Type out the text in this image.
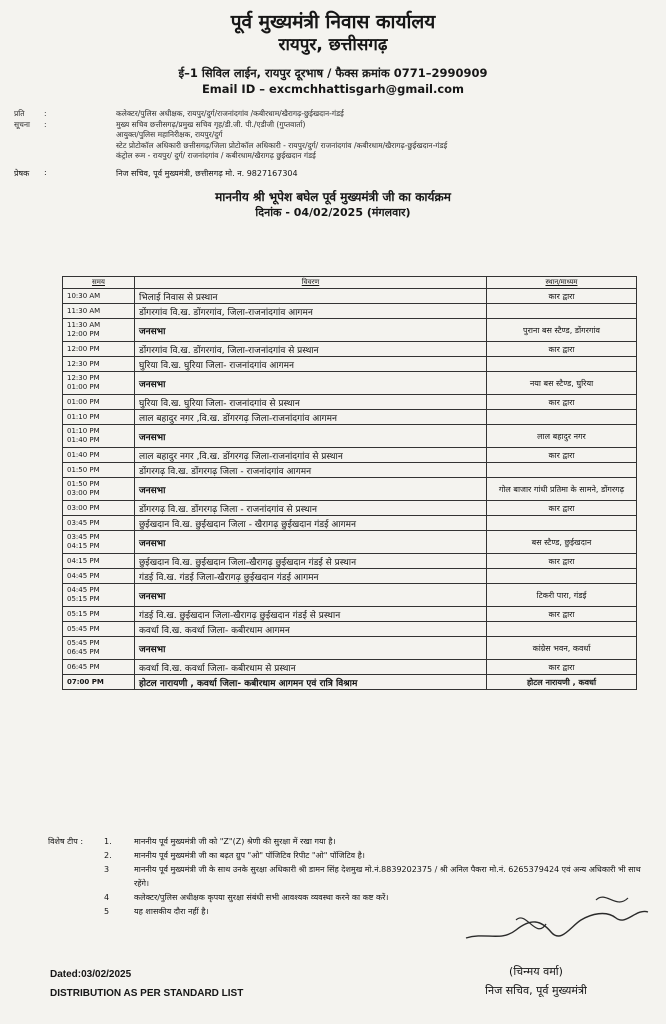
पूर्व मुख्यमंत्री निवास कार्यालय
रायपुर, छत्तीसगढ़
ई–1 सिविल लाईन, रायपुर दूरभाष / फैक्स क्रमांक 0771–2990909
Email ID – excmchhattisgarh@gmail.com
प्रति	:	कलेक्टर/पुलिस अधीक्षक, रायपुर/दुर्ग/राजनांदगांव /कबीरधाम/खैरागढ़-छुईखदान-गंडई
सूचना	:	मुख्य सचिव छत्तीसगढ़/प्रमुख सचिव गृह/डी.जी. पी./एडीजी (गुप्तवार्ता)
आयुक्त/पुलिस महानिरीक्षक, रायपुर/दुर्ग
स्टेट प्रोटोकॉल अधिकारी छत्तीसगढ़/जिला प्रोटोकॉल अधिकारी - रायपुर/दुर्ग/ राजनांदगांव /कबीरधाम/खैरागढ़-छुईखदान-गंडई
कंट्रोल रूम - रायपुर/ दुर्ग/ राजनांदगांव / कबीरधाम/खैरागढ़ छुईखदान गंडई
प्रेषक	:	निज सचिव, पूर्व मुख्यमंत्री, छत्तीसगढ़ मो. न. 9827167304
माननीय श्री भूपेश बघेल पूर्व मुख्यमंत्री जी का कार्यक्रम
दिनांक - 04/02/2025 (मंगलवार)
समय	विवरण	स्थान/माध्यम

10:30 AM	भिलाई निवास से प्रस्थान	कार द्वारा

11:30 AM	डोंगरगांव वि.ख. डोंगरगांव, जिला-राजनांदगांव आगमन	

11:30 AM
12:00 PM	जनसभा	पुराना बस स्टैण्ड, डोंगरगांव

12:00 PM	डोंगरगांव वि.ख. डोंगरगांव, जिला-राजनांदगांव से प्रस्थान	कार द्वारा

12:30 PM	घुरिया वि.ख. घुरिया जिला- राजनांदगांव आगमन	

12:30 PM
01:00 PM	जनसभा	नया बस स्टैण्ड, घुरिया

01:00 PM	घुरिया वि.ख. घुरिया जिला- राजनांदगांव से प्रस्थान	कार द्वारा

01:10 PM	लाल बहादुर नगर ,वि.ख. डोंगरगढ़ जिला-राजनांदगांव आगमन	

01:10 PM
01:40 PM	जनसभा	लाल बहादुर नगर

01:40 PM	लाल बहादुर नगर ,वि.ख. डोंगरगढ़ जिला-राजनांदगांव से प्रस्थान	कार द्वारा

01:50 PM	डोंगरगढ़ वि.ख. डोंगरगढ़ जिला - राजनांदगांव आगमन	

01:50 PM
03:00 PM	जनसभा	गोल बाजार गांधी प्रतिमा के सामने, डोंगरगढ़

03:00 PM	डोंगरगढ़ वि.ख. डोंगरगढ़ जिला - राजनांदगांव से प्रस्थान	कार द्वारा

03:45 PM	छुईखदान वि.ख. छुईखदान जिला - खैरागढ़ छुईखदान गंडई आगमन	

03:45 PM
04:15 PM	जनसभा	बस स्टैण्ड, छुईखदान

04:15 PM	छुईखदान वि.ख. छुईखदान जिला-खैरागढ़ छुईखदान गंडई से प्रस्थान	कार द्वारा

04:45 PM	गंडई वि.ख. गंडई जिला-खैरागढ़ छुईखदान गंडई आगमन	

04:45 PM
05:15 PM	जनसभा	टिकरी पारा, गंडई

05:15 PM	गंडई वि.ख. छुईखदान जिला-खैरागढ़ छुईखदान गंडई से प्रस्थान	कार द्वारा

05:45 PM	कवर्धा वि.ख. कवर्धा जिला- कबीरधाम आगमन	

05:45 PM
06:45 PM	जनसभा	कांग्रेस भवन, कवर्धा

06:45 PM	कवर्धा वि.ख. कवर्धा जिला- कबीरधाम से प्रस्थान	कार द्वारा

07:00 PM	होटल नारायणी , कवर्धा जिला- कबीरधाम आगमन एवं रात्रि विश्राम	होटल नारायणी , कवर्धा
विशेष टीप :	1.	माननीय पूर्व मुख्यमंत्री जी को "Z"(Z) श्रेणी की सुरक्षा में रखा गया है।
2.	माननीय पूर्व मुख्यमंत्री जी का बढ़त ग्रुप "ओ" पॉजिटिव रिपीट "ओ" पॉजिटिव है।
3	माननीय पूर्व मुख्यमंत्री जी के साथ उनके सुरक्षा अधिकारी श्री डामन सिंह देशमुख मो.नं.8839202375 / श्री अनिल पैकरा मो.नं. 6265379424 एवं अन्य अधिकारी भी साथ रहेंगे।
4	कलेक्टर/पुलिस अधीक्षक कृपया सुरक्षा संबंधी सभी आवश्यक व्यवस्था करने का कष्ट करें।
5	यह शासकीय दौरा नहीं है।
Dated:03/02/2025
DISTRIBUTION AS PER STANDARD LIST
(चिन्मय वर्मा)
निज सचिव, पूर्व मुख्यमंत्री
